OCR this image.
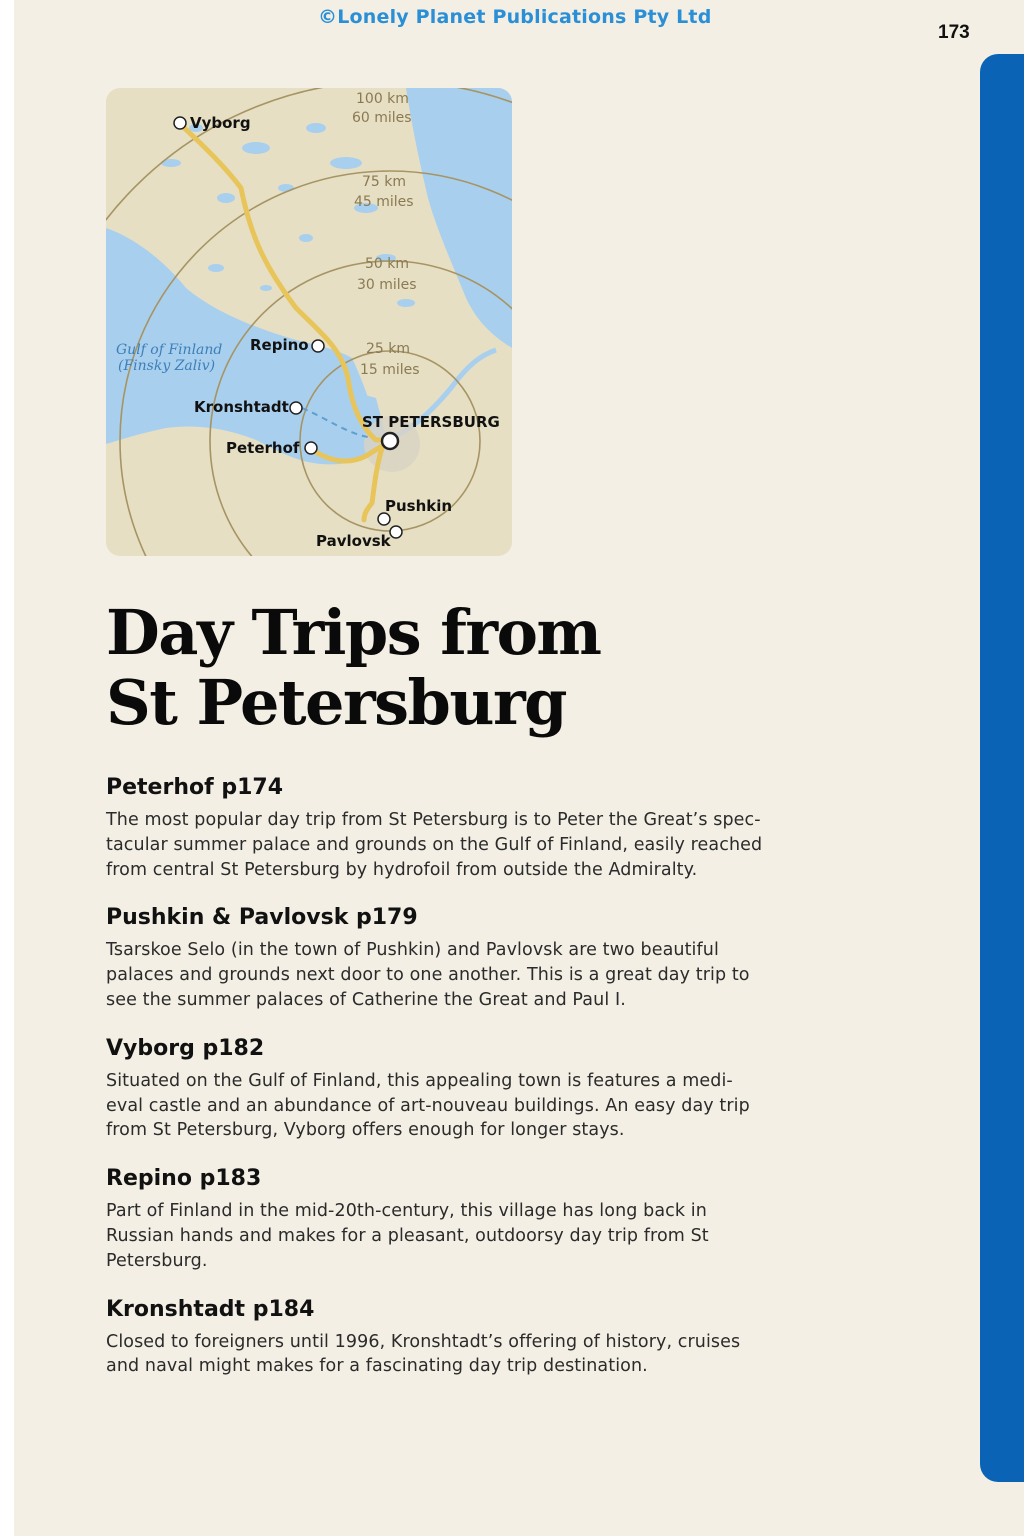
©Lonely Planet Publications Pty Ltd
173
100 km
60 miles
75 km
45 miles
50 km
30 miles
25 km
15 miles
Gulf of Finland
(Finsky Zaliv)
Vyborg
Repino
Kronshtadt
Peterhof
ST PETERSBURG
Pushkin
Pavlovsk
Day Trips from
St Petersburg
Peterhof p174

The most popular day trip from St Petersburg is to Peter the Great’s spec-
tacular summer palace and grounds on the Gulf of Finland, easily reached
from central St Petersburg by hydrofoil from outside the Admiralty.

Pushkin & Pavlovsk p179

Tsarskoe Selo (in the town of Pushkin) and Pavlovsk are two beautiful
palaces and grounds next door to one another. This is a great day trip to
see the summer palaces of Catherine the Great and Paul I.

Vyborg p182

Situated on the Gulf of Finland, this appealing town is features a medi-
eval castle and an abundance of art-nouveau buildings. An easy day trip
from St Petersburg, Vyborg offers enough for longer stays.

Repino p183

Part of Finland in the mid-20th-century, this village has long back in
Russian hands and makes for a pleasant, outdoorsy day trip from St
Petersburg.

Kronshtadt p184

Closed to foreigners until 1996, Kronshtadt’s offering of history, cruises
and naval might makes for a fascinating day trip destination.
